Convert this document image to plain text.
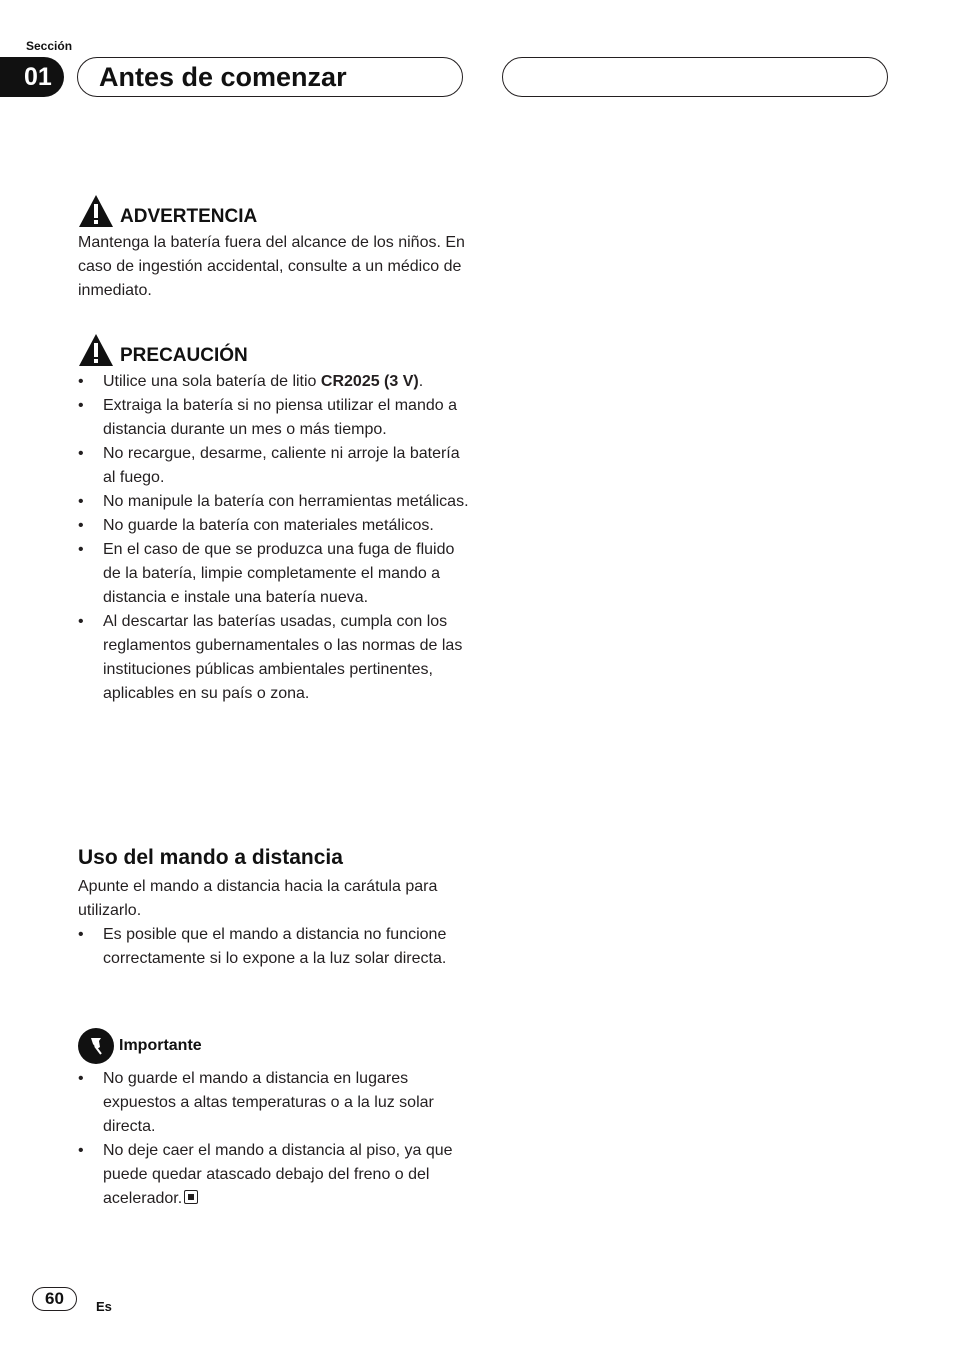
Sección
01	Antes de comenzar
ADVERTENCIA

Mantenga la batería fuera del alcance de los niños. En caso de ingestión accidental, consulte a un médico de inmediato.

PRECAUCIÓN
• Utilice una sola batería de litio CR2025 (3 V).
• Extraiga la batería si no piensa utilizar el mando a distancia durante un mes o más tiempo.
• No recargue, desarme, caliente ni arroje la batería al fuego.
• No manipule la batería con herramientas metálicas.
• No guarde la batería con materiales metálicos.
• En el caso de que se produzca una fuga de fluido de la batería, limpie completamente el mando a distancia e instale una batería nueva.
• Al descartar las baterías usadas, cumpla con los reglamentos gubernamentales o las normas de las instituciones públicas ambientales pertinentes, aplicables en su país o zona.
Uso del mando a distancia

Apunte el mando a distancia hacia la carátula para utilizarlo.

• Es posible que el mando a distancia no funcione correctamente si lo expone a la luz solar directa.
Importante
• No guarde el mando a distancia en lugares expuestos a altas temperaturas o a la luz solar directa.
• No deje caer el mando a distancia al piso, ya que puede quedar atascado debajo del freno o del acelerador.
60	Es
